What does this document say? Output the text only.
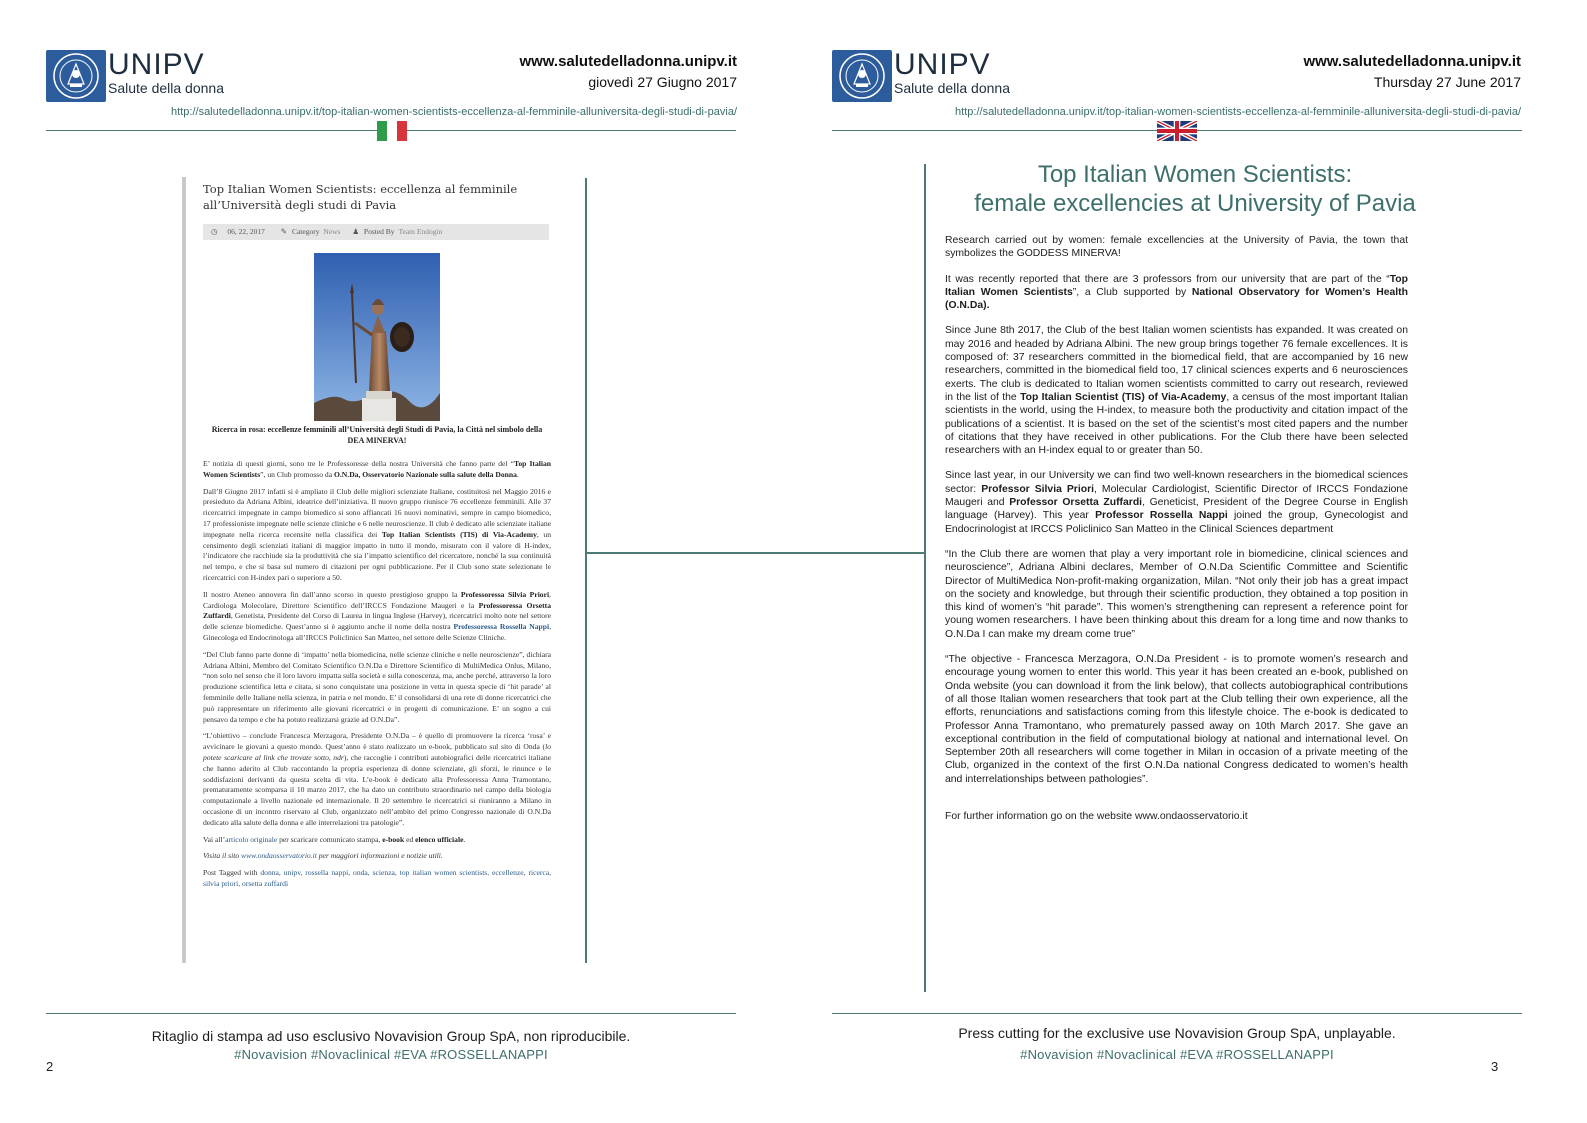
UNIPV
Salute della donna
www.salutedelladonna.unipv.it
giovedì 27 Giugno 2017
http://salutedelladonna.unipv.it/top-italian-women-scientists-eccellenza-al-femminile-alluniversita-degli-studi-di-pavia/
Top Italian Women Scientists: eccellenza al femminile all’Università degli studi di Pavia
◷ 06, 22, 2017 ✎ Category News ♟ Posted By Team Endogin
Ricerca in rosa: eccellenze femminili all’Università degli Studi di Pavia, la Città nel simbolo della DEA MINERVA!

E’ notizia di questi giorni, sono tre le Professoresse della nostra Università che fanno parte del “Top Italian Women Scientists”, un Club promosso da O.N.Da, Osservatorio Nazionale sulla salute della Donna.

Dall’8 Giugno 2017 infatti si è ampliato il Club delle migliori scienziate Italiane, costituitosi nel Maggio 2016 e presieduto da Adriana Albini, ideatrice dell’iniziativa. Il nuovo gruppo riunisce 76 eccellenze femminili. Alle 37 ricercatrici impegnate in campo biomedico si sono affiancati 16 nuovi nominativi, sempre in campo biomedico, 17 professioniste impegnate nelle scienze cliniche e 6 nelle neuroscienze. Il club è dedicato alle scienziate italiane impegnate nella ricerca recensite nella classifica dei Top Italian Scientists (TIS) di Via-Academy, un censimento degli scienziati italiani di maggior impatto in tutto il mondo, misurato con il valore di H-index, l’indicatore che racchiude sia la produttività che sia l’impatto scientifico del ricercatore, nonché la sua continuità nel tempo, e che si basa sul numero di citazioni per ogni pubblicazione. Per il Club sono state selezionate le ricercatrici con H-index pari o superiore a 50.

Il nostro Ateneo annovera fin dall’anno scorso in questo prestigioso gruppo la Professoressa Silvia Priori, Cardiologa Molecolare, Direttore Scientifico dell’IRCCS Fondazione Maugeri e la Professoressa Orsetta Zuffardi, Genetista, Presidente del Corso di Laurea in lingua Inglese (Harvey), ricercatrici molto note nel settore delle scienze biomediche. Quest’anno si è aggiunto anche il nome della nostra Professoressa Rossella Nappi, Ginecologa ed Endocrinologa all’IRCCS Policlinico San Matteo, nel settore delle Scienze Cliniche.

“Del Club fanno parte donne di ‘impatto’ nella biomedicina, nelle scienze cliniche e nelle neuroscienze”, dichiara Adriana Albini, Membro del Comitato Scientifico O.N.Da e Direttore Scientifico di MultiMedica Onlus, Milano, “non solo nel senso che il loro lavoro impatta sulla società e sulla conoscenza, ma, anche perché, attraverso la loro produzione scientifica letta e citata, si sono conquistate una posizione in vetta in questa specie di ‘hit parade’ al femminile delle Italiane nella scienza, in patria e nel mondo. E’ il consolidarsi di una rete di donne ricercatrici che può rappresentare un riferimento alle giovani ricercatrici e in progetti di comunicazione. E’ un sogno a cui pensavo da tempo e che ha potuto realizzarsi grazie ad O.N.Da”.

“L’obiettivo – conclude Francesca Merzagora, Presidente O.N.Da – è quello di promuovere la ricerca ‘rosa’ e avvicinare le giovani a questo mondo. Quest’anno è stato realizzato un e-book, pubblicato sul sito di Onda (lo potete scaricare al link che trovate sotto, ndr), che raccoglie i contributi autobiografici delle ricercatrici italiane che hanno aderito al Club raccontando la propria esperienza di donne scienziate, gli sforzi, le rinunce e le soddisfazioni derivanti da questa scelta di vita. L’e-book è dedicato alla Professoressa Anna Tramontano, prematuramente scomparsa il 10 marzo 2017, che ha dato un contributo straordinario nel campo della biologia computazionale a livello nazionale ed internazionale. Il 20 settembre le ricercatrici si riuniranno a Milano in occasione di un incontro riservato al Club, organizzato nell’ambito del primo Congresso nazionale di O.N.Da dedicato alla salute della donna e alle interrelazioni tra patologie”.

Vai all’articolo originale per scaricare comunicato stampa, e-book ed elenco ufficiale.

Visita il sito www.ondaosservatorio.it per maggiori informazioni e notizie utili.

Post Tagged with donna, unipv, rossella nappi, onda, scienza, top italian women scientists, eccellenze, ricerca, silvia priori, orsetta zuffardi

Ritaglio di stampa ad uso esclusivo Novavision Group SpA, non riproducibile.
#Novavision #Novaclinical #EVA #ROSSELLANAPPI
2
UNIPV
Salute della donna
www.salutedelladonna.unipv.it
Thursday 27 June 2017
http://salutedelladonna.unipv.it/top-italian-women-scientists-eccellenza-al-femminile-alluniversita-degli-studi-di-pavia/
Top Italian Women Scientists:
female excellencies at University of Pavia

Research carried out by women: female excellencies at the University of Pavia, the town that symbolizes the GODDESS MINERVA!

It was recently reported that there are 3 professors from our university that are part of the “Top Italian Women Scientists”, a Club supported by National Observatory for Women’s Health (O.N.Da).

Since June 8th 2017, the Club of the best Italian women scientists has expanded. It was created on may 2016 and headed by Adriana Albini. The new group brings together 76 female excellences. It is composed of: 37 researchers committed in the biomedical field, that are accompanied by 16 new researchers, committed in the biomedical field too, 17 clinical sciences experts and 6 neurosciences exerts. The club is dedicated to Italian women scientists committed to carry out research, reviewed in the list of the Top Italian Scientist (TIS) of Via-Academy, a census of the most important Italian scientists in the world, using the H-index, to measure both the productivity and citation impact of the publications of a scientist. It is based on the set of the scientist’s most cited papers and the number of citations that they have received in other publications. For the Club there have been selected researchers with an H-index equal to or greater than 50.

Since last year, in our University we can find two well-known researchers in the biomedical sciences sector: Professor Silvia Priori, Molecular Cardiologist, Scientific Director of IRCCS Fondazione Maugeri and Professor Orsetta Zuffardi, Geneticist, President of the Degree Course in English language (Harvey). This year Professor Rossella Nappi joined the group, Gynecologist and Endocrinologist at IRCCS Policlinico San Matteo in the Clinical Sciences department

“In the Club there are women that play a very important role in biomedicine, clinical sciences and neuroscience”, Adriana Albini declares, Member of O.N.Da Scientific Committee and Scientific Director of MultiMedica Non-profit-making organization, Milan. “Not only their job has a great impact on the society and knowledge, but through their scientific production, they obtained a top position in this kind of women’s “hit parade”. This women’s strengthening can represent a reference point for young women researchers. I have been thinking about this dream for a long time and now thanks to O.N.Da I can make my dream come true”

“The objective - Francesca Merzagora, O.N.Da President - is to promote women’s research and encourage young women to enter this world. This year it has been created an e-book, published on Onda website (you can download it from the link below), that collects autobiographical contributions of all those Italian women researchers that took part at the Club telling their own experience, all the efforts, renunciations and satisfactions coming from this lifestyle choice. The e-book is dedicated to Professor Anna Tramontano, who prematurely passed away on 10th March 2017. She gave an exceptional contribution in the field of computational biology at national and international level. On September 20th all researchers will come together in Milan in occasion of a private meeting of the Club, organized in the context of the first O.N.Da national Congress dedicated to women’s health and interrelationships between pathologies”.

For further information go on the website www.ondaosservatorio.it

Press cutting for the exclusive use Novavision Group SpA, unplayable.
#Novavision #Novaclinical #EVA #ROSSELLANAPPI
3
